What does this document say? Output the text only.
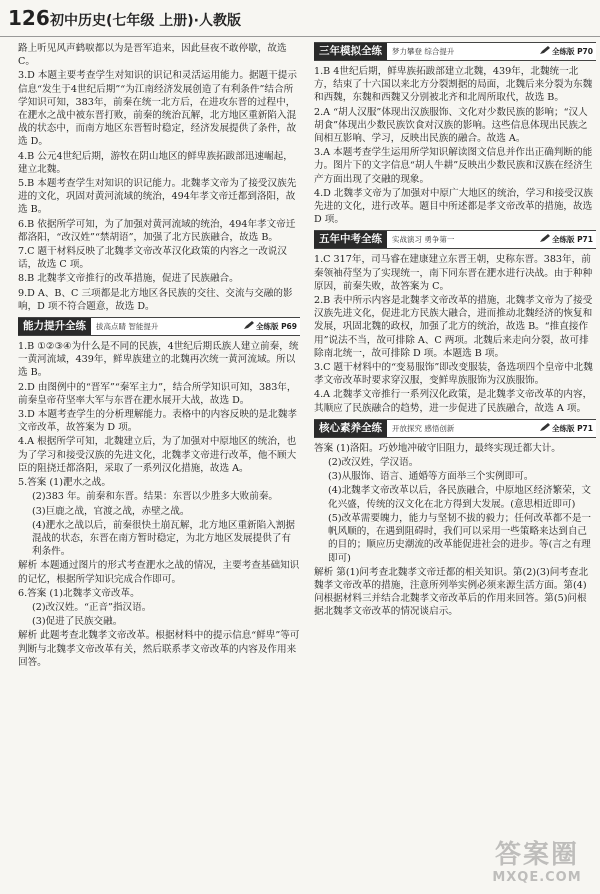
126 初中历史(七年级 上册)·人教版

路上听见风声鹤唳都以为是晋军追来，因此昼夜不敢停歇，故选 C。

3.D 本题主要考查学生对知识的识记和灵活运用能力。据题干提示信息“发生于4世纪后期”“为江南经济发展创造了有利条件”结合所学知识可知，383年，前秦在统一北方后，在进攻东晋的过程中，在淝水之战中被东晋打败，前秦的统治瓦解，北方地区重新陷入混战的状态中，而南方地区东晋暂时稳定，经济发展提供了条件，故选 D。

4.B 公元4世纪后期，游牧在阴山地区的鲜卑族拓跋部迅速崛起，建立北魏。

5.B 本题考查学生对知识的识记能力。北魏孝文帝为了接受汉族先进的文化，巩固对黄河流域的统治，494年孝文帝迁都到洛阳，故选 B。

6.B 依据所学可知，为了加强对黄河流域的统治，494年孝文帝迁都洛阳，“改汉姓”“禁胡语”，加强了北方民族融合，故选 B。

7.C 题干材料反映了北魏孝文帝改革汉化政策的内容之一改说汉话，故选 C 项。

8.B 北魏孝文帝推行的改革措施，促进了民族融合。

9.D A、B、C 三项都是北方地区各民族的交往、交流与交融的影响，D 项不符合题意，故选 D。

能力提升全练	拔高点睛 智能提升	全练版 P69

1.B ①②③④为什么是不同的民族，4世纪后期氐族人建立前秦，统一黄河流域，439年，鲜卑族建立的北魏再次统一黄河流域。所以选 B。

2.D 由图例中的“晋军”“秦军主力”，结合所学知识可知，383年，前秦皇帝苻坚率大军与东晋在淝水展开大战，故选 D。

3.D 本题考查学生的分析理解能力。表格中的内容反映的是北魏孝文帝改革，故答案为 D 项。

4.A 根据所学可知，北魏建立后，为了加强对中原地区的统治，也为了学习和接受汉族的先进文化，北魏孝文帝进行改革，他不顾大臣的阻挠迁都洛阳，采取了一系列汉化措施，故选 A。

5.答案 (1)淝水之战。

(2)383 年。前秦和东晋。结果：东晋以少胜多大败前秦。

(3)巨鹿之战，官渡之战，赤壁之战。

(4)淝水之战以后，前秦很快土崩瓦解，北方地区重新陷入割据混战的状态，东晋在南方暂时稳定，为北方地区发展提供了有利条件。

解析 本题通过图片的形式考查淝水之战的情况，主要考查基础知识的记忆，根据所学知识完成合作即可。

6.答案 (1)北魏孝文帝改革。

(2)改汉姓。“正音”指汉语。

(3)促进了民族交融。

解析 此题考查北魏孝文帝改革。根据材料中的提示信息“鲜卑”等可判断与北魏孝文帝改革有关，然后联系孝文帝改革的内容及作用来回答。

三年模拟全练	梦力攀登 综合提升	全练版 P70

1.B 4世纪后期，鲜卑族拓跋部建立北魏，439年，北魏统一北方，结束了十六国以来北方分裂割据的局面，北魏后来分裂为东魏和西魏，东魏和西魏又分别被北齐和北周所取代，故选 B。

2.A “胡人汉服”体现出汉族服饰、文化对少数民族的影响；“汉人胡食”体现出少数民族饮食对汉族的影响。这些信息体现出民族之间相互影响、学习，反映出民族的融合。故选 A。

3.A 本题考查学生运用所学知识解读图文信息并作出正确判断的能力。图片下的文字信息“胡人牛耕”反映出少数民族和汉族在经济生产方面出现了交融的现象。

4.D 北魏孝文帝为了加强对中原广大地区的统治，学习和接受汉族先进的文化，进行改革。题目中所述都是孝文帝改革的措施，故选 D 项。

五年中考全练	实战演习 勇争第一	全练版 P71

1.C 317年，司马睿在建康建立东晋王朝，史称东晋。383年，前秦领袖苻坚为了实现统一，南下同东晋在淝水进行决战。由于种种原因，前秦失败，故答案为 C。

2.B 表中所示内容是北魏孝文帝改革的措施，北魏孝文帝为了接受汉族先进文化，促进北方民族大融合，进而推动北魏经济的恢复和发展，巩固北魏的政权，加强了北方的统治，故选 B。“推直接作用”说法不当，故可排除 A、C 两项。北魏后来走向分裂，故可排除南北统一，故可排除 D 项。本题选 B 项。

3.C 题干材料中的“变易服饰”即改变服装，备选项四个皇帝中北魏孝文帝改革时要求穿汉服，变鲜卑族服饰为汉族服饰。

4.A 北魏孝文帝推行一系列汉化政策，是北魏孝文帝改革的内容，其顺应了民族融合的趋势，进一步促进了民族融合，故选 A 项。

核心素养全练	开放探究 感悟创新	全练版 P71

答案 (1)洛阳。巧妙地冲破守旧阻力，最终实现迁都大计。

(2)改汉姓，学汉语。

(3)从服饰、语言、通婚等方面举三个实例即可。

(4)北魏孝文帝改革以后，各民族融合，中原地区经济繁荣，文化兴盛，传统的汉文化在北方得到大发展。(意思相近即可)

(5)改革需要魄力，能力与坚韧不拔的毅力；任何改革都不是一帆风顺的，在遇到阻碍时，我们可以采用一些策略来达到自己的目的；顺应历史潮流的改革能促进社会的进步。等(言之有理即可)

解析 第(1)问考查北魏孝文帝迁都的相关知识。第(2)(3)问考查北魏孝文帝改革的措施，注意所列举实例必须来源生活方面。第(4)问根据材料三并结合北魏孝文帝改革后的作用来回答。第(5)问根据北魏孝文帝改革的情况谈启示。

答案圈
MXQE.COM
